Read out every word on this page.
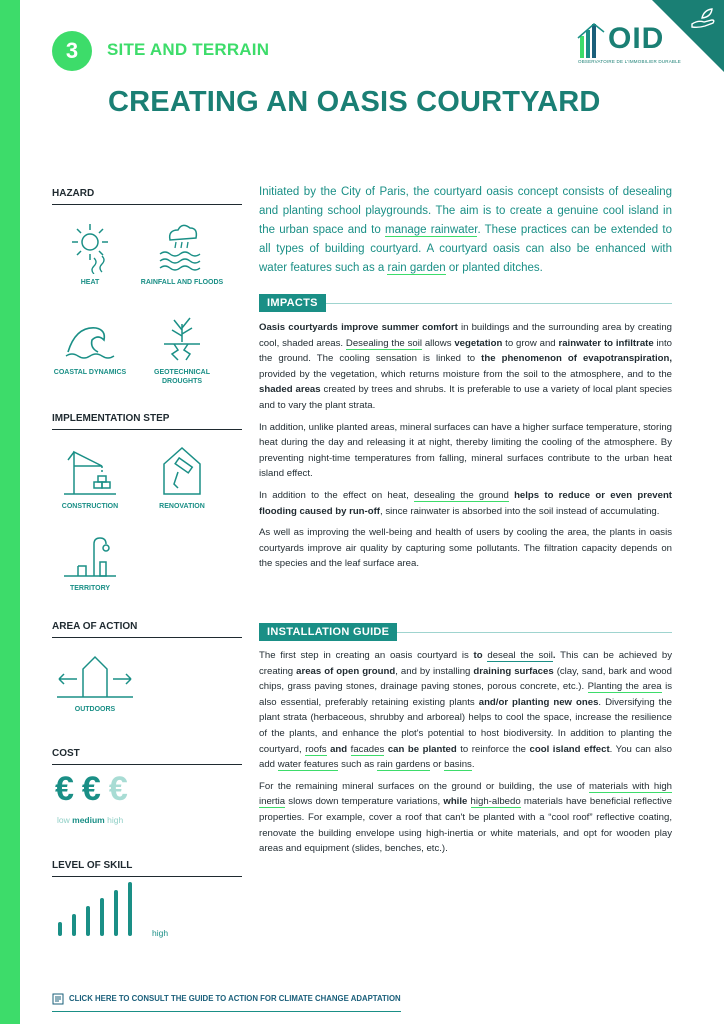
3	SITE AND TERRAIN	OID
OBSERVATOIRE DE L'IMMOBILIER DURABLE
CREATING AN OASIS COURTYARD
HAZARD
HEAT	RAINFALL AND FLOODS
COASTAL DYNAMICS	GEOTECHNICAL DROUGHTS
IMPLEMENTATION STEP
CONSTRUCTION	RENOVATION
TERRITORY
AREA OF ACTION
OUTDOORS
COST
€ € €
low medium high
LEVEL OF SKILL
high
Initiated by the City of Paris, the courtyard oasis concept consists of desealing and planting school playgrounds. The aim is to create a genuine cool island in the urban space and to manage rainwater. These practices can be extended to all types of building courtyard. A courtyard oasis can also be enhanced with water features such as a rain garden or planted ditches.
IMPACTS

Oasis courtyards improve summer comfort in buildings and the surrounding area by creating cool, shaded areas. Desealing the soil allows vegetation to grow and rainwater to infiltrate into the ground. The cooling sensation is linked to the phenomenon of evapotranspiration, provided by the vegetation, which returns moisture from the soil to the atmosphere, and to the shaded areas created by trees and shrubs. It is preferable to use a variety of local plant species and to vary the plant strata.

In addition, unlike planted areas, mineral surfaces can have a higher surface temperature, storing heat during the day and releasing it at night, thereby limiting the cooling of the atmosphere. By preventing night-time temperatures from falling, mineral surfaces contribute to the urban heat island effect.

In addition to the effect on heat, desealing the ground helps to reduce or even prevent flooding caused by run-off, since rainwater is absorbed into the soil instead of accumulating.

As well as improving the well-being and health of users by cooling the area, the plants in oasis courtyards improve air quality by capturing some pollutants. The filtration capacity depends on the species and the leaf surface area.

INSTALLATION GUIDE

The first step in creating an oasis courtyard is to deseal the soil. This can be achieved by creating areas of open ground, and by installing draining surfaces (clay, sand, bark and wood chips, grass paving stones, drainage paving stones, porous concrete, etc.). Planting the area is also essential, preferably retaining existing plants and/or planting new ones. Diversifying the plant strata (herbaceous, shrubby and arboreal) helps to cool the space, increase the resilience of the plants, and enhance the plot's potential to host biodiversity. In addition to planting the courtyard, roofs and facades can be planted to reinforce the cool island effect. You can also add water features such as rain gardens or basins.

For the remaining mineral surfaces on the ground or building, the use of materials with high inertia slows down temperature variations, while high-albedo materials have beneficial reflective properties. For example, cover a roof that can't be planted with a “cool roof” reflective coating, renovate the building envelope using high-inertia or white materials, and opt for wooden play areas and equipment (slides, benches, etc.).

CLICK HERE TO CONSULT THE GUIDE TO ACTION FOR CLIMATE CHANGE ADAPTATION
